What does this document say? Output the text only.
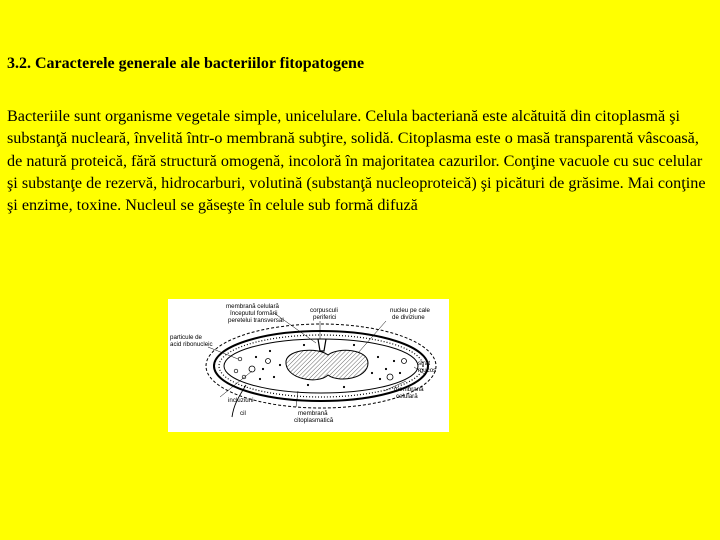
3.2. Caracterele generale ale bacteriilor fitopatogene

Bacteriile sunt organisme vegetale simple, unicelulare. Celula bacteriană este alcătuită din citoplasmă şi substanţă nucleară, învelită într-o membrană subţire, solidă. Citoplasma este o masă transparentă vâscoasă, de natură proteică, fără structură omogenă, incoloră în majoritatea cazurilor. Conţine vacuole cu suc celular şi substanţe de rezervă, hidrocarburi, volutină (substanţă nucleoproteică) şi picături de grăsime. Mai conţine şi enzime, toxine. Nucleul se găseşte în celule sub formă difuză

membrană celulară
începutul formării
peretelui transversal
corpusculi
periferici
nucleu pe cale
de diviziune
particule de
acid ribonucleic
strat
mucos
incluziuni
membrană
celulară
cil	membrană
citoplasmatică
